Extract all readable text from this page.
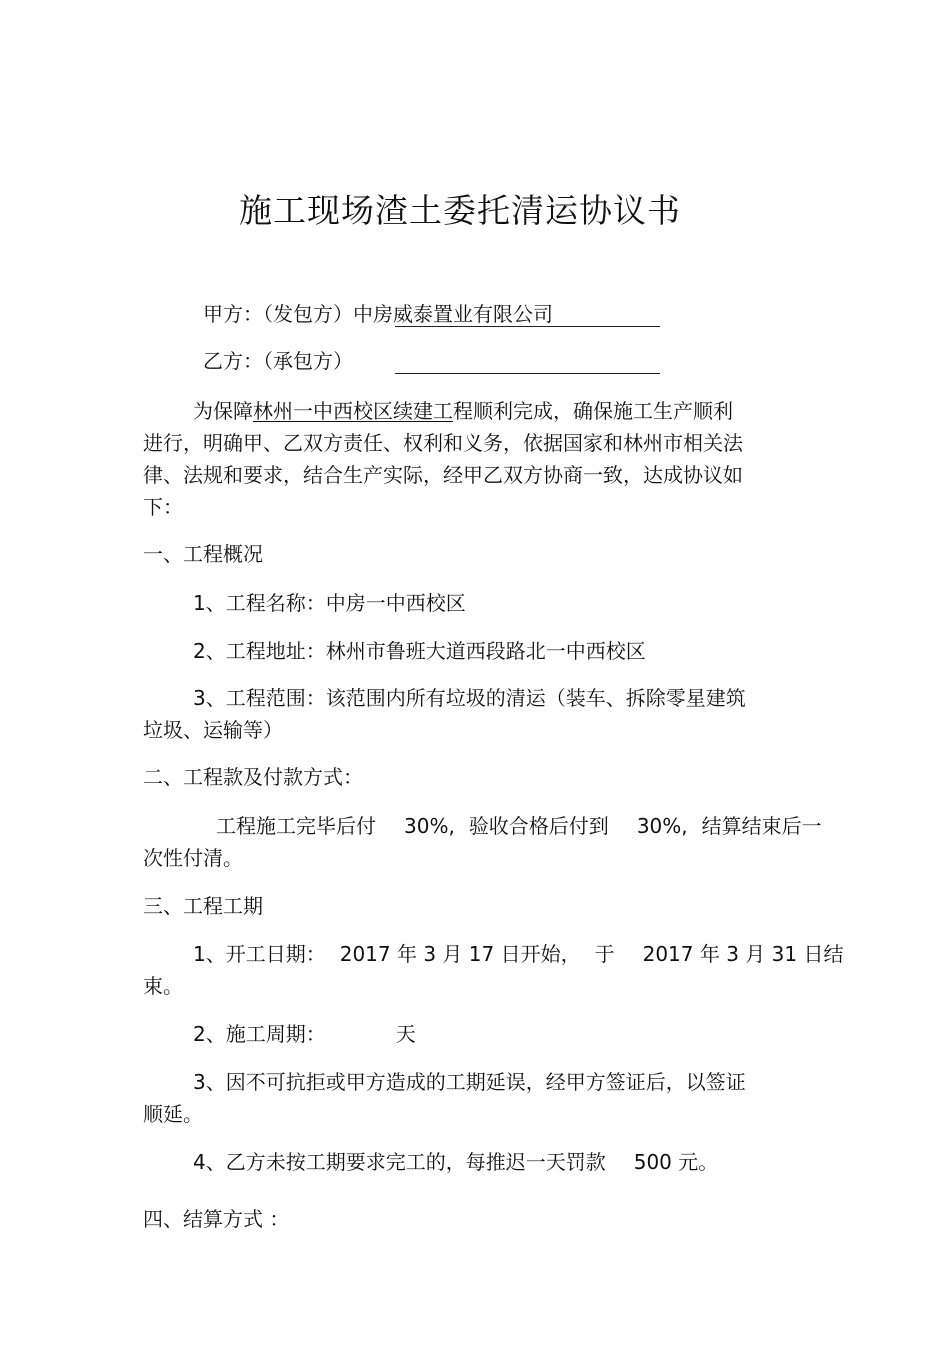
施工现场渣土委托清运协议书
甲方：（发包方）中房威泰置业有限公司
乙方：（承包方）
为保障林州一中西校区续建工程顺利完成，确保施工生产顺利
进行，明确甲、乙双方责任、权利和义务，依据国家和林州市相关法
律、法规和要求，结合生产实际，经甲乙双方协商一致，达成协议如
下：
一、工程概况
1、工程名称：中房一中西校区
2、工程地址：林州市鲁班大道西段路北一中西校区
3、工程范围：该范围内所有垃圾的清运（装车、拆除零星建筑
垃圾、运输等）
二、工程款及付款方式：
工程施工完毕后付 30%, 验收合格后付到 30%, 结算结束后一
次性付清。
三、工程工期
1、开工日期： 2017 年 3 月 17 日开始， 于 2017 年 3 月 31 日结
束。
2、施工周期：	天
3、因不可抗拒或甲方造成的工期延误，经甲方签证后，以签证
顺延。
4、乙方未按工期要求完工的，每推迟一天罚款 500 元。
四、结算方式 ：
